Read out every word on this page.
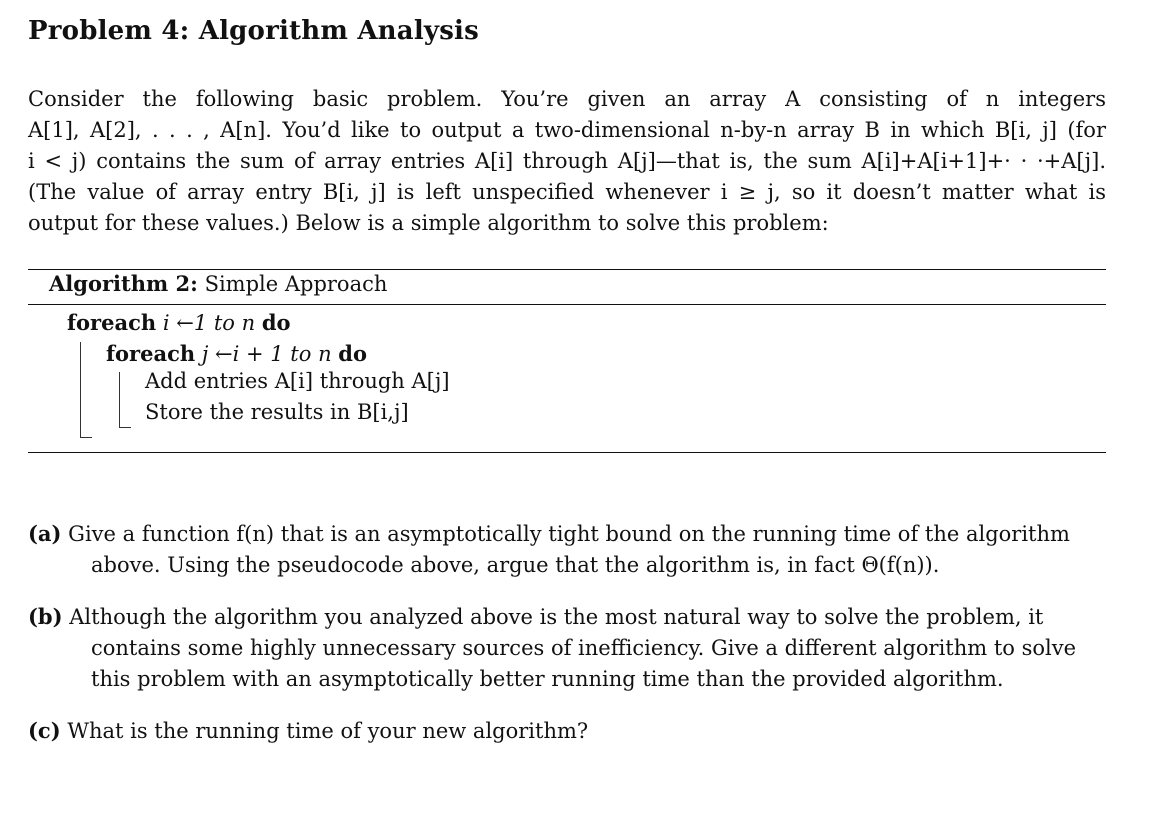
Problem 4: Algorithm Analysis

Consider the following basic problem. You’re given an array A consisting of n integers
A[1], A[2], . . . , A[n]. You’d like to output a two-dimensional n-by-n array B in which B[i, j] (for
i < j) contains the sum of array entries A[i] through A[j]—that is, the sum A[i]+A[i+1]+· · ·+A[j].
(The value of array entry B[i, j] is left unspecified whenever i ≥ j, so it doesn’t matter what is
output for these values.) Below is a simple algorithm to solve this problem:

Algorithm 2: Simple Approach

foreach i ←1 to n do
foreach j ←i + 1 to n do
Add entries A[i] through A[j]
Store the results in B[i,j]
(a) Give a function f(n) that is an asymptotically tight bound on the running time of the algorithm
above. Using the pseudocode above, argue that the algorithm is, in fact Θ(f(n)).
(b) Although the algorithm you analyzed above is the most natural way to solve the problem, it
contains some highly unnecessary sources of inefficiency. Give a different algorithm to solve
this problem with an asymptotically better running time than the provided algorithm.
(c) What is the running time of your new algorithm?
